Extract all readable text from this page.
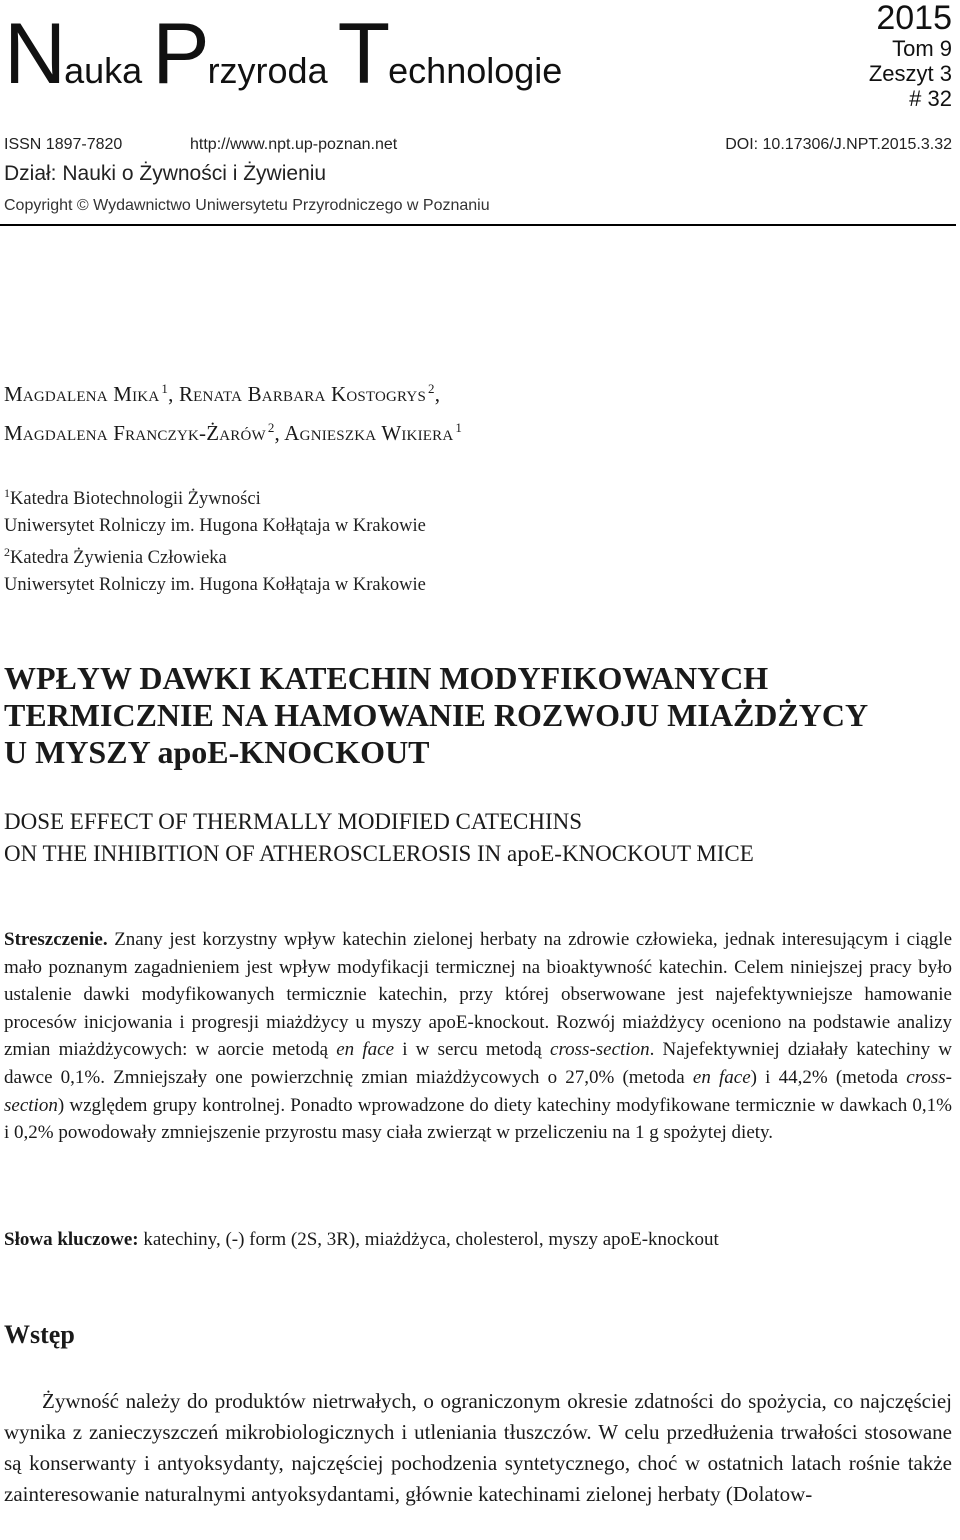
Nauka Przyroda Technologie
2015
Tom 9
Zeszyt 3
# 32
ISSN 1897-7820	http://www.npt.up-poznan.net	DOI: 10.17306/J.NPT.2015.3.32
Dział: Nauki o Żywności i Żywieniu
Copyright © Wydawnictwo Uniwersytetu Przyrodniczego w Poznaniu
Magdalena Mika  $^1$, Renata Barbara Kostogrys  $^2$,
Magdalena Franczyk-Żarów  $^2$, Agnieszka Wikiera  $^1$
$^1$Katedra Biotechnologii Żywności
Uniwersytet Rolniczy im. Hugona Kołłątaja w Krakowie
$^2$Katedra Żywienia Człowieka
Uniwersytet Rolniczy im. Hugona Kołłątaja w Krakowie
WPŁYW DAWKI KATECHIN MODYFIKOWANYCH
TERMICZNIE NA HAMOWANIE ROZWOJU MIAŻDŻYCY
U MYSZY apoE-KNOCKOUT
DOSE EFFECT OF THERMALLY MODIFIED CATECHINS
ON THE INHIBITION OF ATHEROSCLEROSIS IN apoE-KNOCKOUT MICE

Streszczenie. Znany jest korzystny wpływ katechin zielonej herbaty na zdrowie człowieka, jednak interesującym i ciągle mało poznanym zagadnieniem jest wpływ modyfikacji termicznej na bioaktywność katechin. Celem niniejszej pracy było ustalenie dawki modyfikowanych termicznie katechin, przy której obserwowane jest najefektywniejsze hamowanie procesów inicjowania i progresji miażdżycy u myszy apoE-knockout. Rozwój miażdżycy oceniono na podstawie analizy zmian miażdżycowych: w aorcie metodą en face i w sercu metodą cross-section. Najefektywniej działały katechiny w dawce 0,1%. Zmniejszały one powierzchnię zmian miażdżycowych o 27,0% (metoda en face) i 44,2% (metoda cross-section) względem grupy kontrolnej. Ponadto wprowadzone do diety katechiny modyfikowane termicznie w dawkach 0,1% i 0,2% powodowały zmniejszenie przyrostu masy ciała zwierząt w przeliczeniu na 1 g spożytej diety.

Słowa kluczowe: katechiny, (-) form (2S, 3R), miażdżyca, cholesterol, myszy apoE-knockout

Wstęp

Żywność należy do produktów nietrwałych, o ograniczonym okresie zdatności do spożycia, co najczęściej wynika z zanieczyszczeń mikrobiologicznych i utleniania tłuszczów. W celu przedłużenia trwałości stosowane są konserwanty i antyoksydanty, najczęściej pochodzenia syntetycznego, choć w ostatnich latach rośnie także zainteresowanie naturalnymi antyoksydantami, głównie katechinami zielonej herbaty (Dolatow-
